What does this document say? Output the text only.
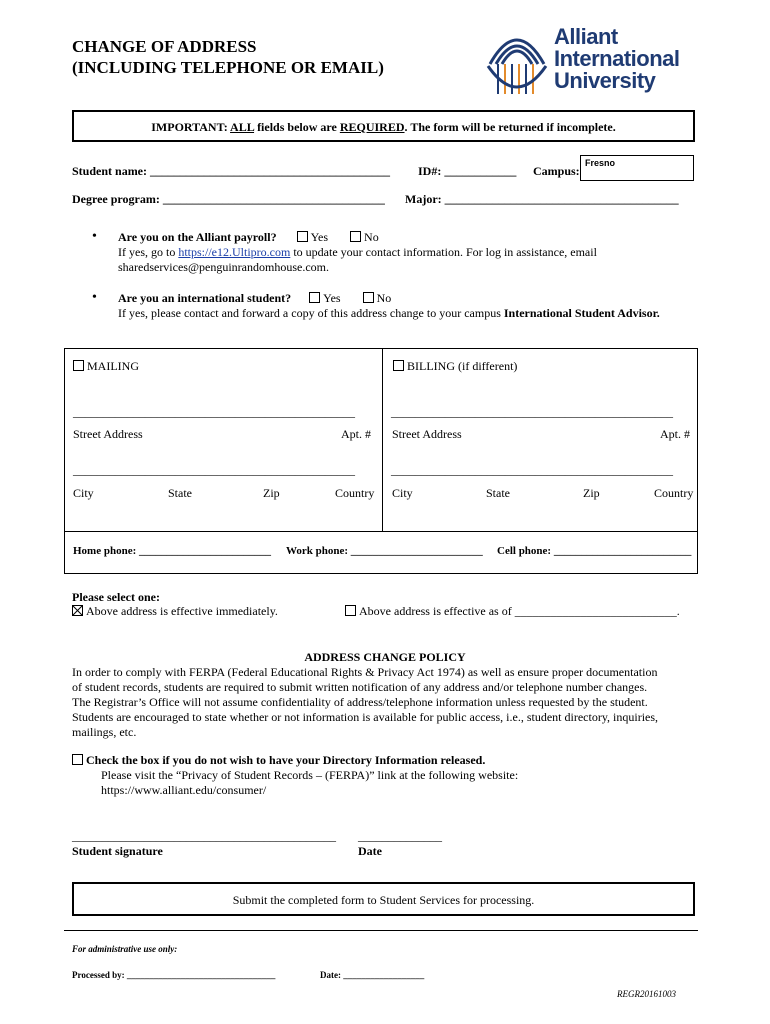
CHANGE OF ADDRESS
(INCLUDING TELEPHONE OR EMAIL)
Alliant
International
University
IMPORTANT: ALL fields below are REQUIRED. The form will be returned if incomplete.
Student name: ________________________________________ ID#: ____________ Campus:
Fresno
Degree program: _____________________________________ Major: _______________________________________
• Are you on the Alliant payroll?	Yes	No
If yes, go to https://e12.Ultipro.com to update your contact information. For log in assistance, email
sharedservices@penguinrandomhouse.com.
• Are you an international student?	Yes	No
If yes, please contact and forward a copy of this address change to your campus International Student Advisor.
MAILING
_______________________________________________
Street Address	Apt. #
_______________________________________________
City	State	Zip	Country
BILLING (if different)
_______________________________________________
Street Address	Apt. #
_______________________________________________
City	State	Zip	Country
Home phone: ________________________ Work phone: ________________________ Cell phone: _________________________
Please select one:
Above address is effective immediately.	Above address is effective as of ___________________________.
ADDRESS CHANGE POLICY

In order to comply with FERPA (Federal Educational Rights & Privacy Act 1974) as well as ensure proper documentation

of student records, students are required to submit written notification of any address and/or telephone number changes.

The Registrar’s Office will not assume confidentiality of address/telephone information unless requested by the student.

Students are encouraged to state whether or not information is available for public access, i.e., student directory, inquiries,

mailings, etc.

Check the box if you do not wish to have your Directory Information released.
Please visit the “Privacy of Student Records – (FERPA)” link at the following website:
https://www.alliant.edu/consumer/
____________________________________________ ______________
Student signature	Date
Submit the completed form to Student Services for processing.
For administrative use only:
Processed by: _________________________________	Date: __________________
REGR20161003
